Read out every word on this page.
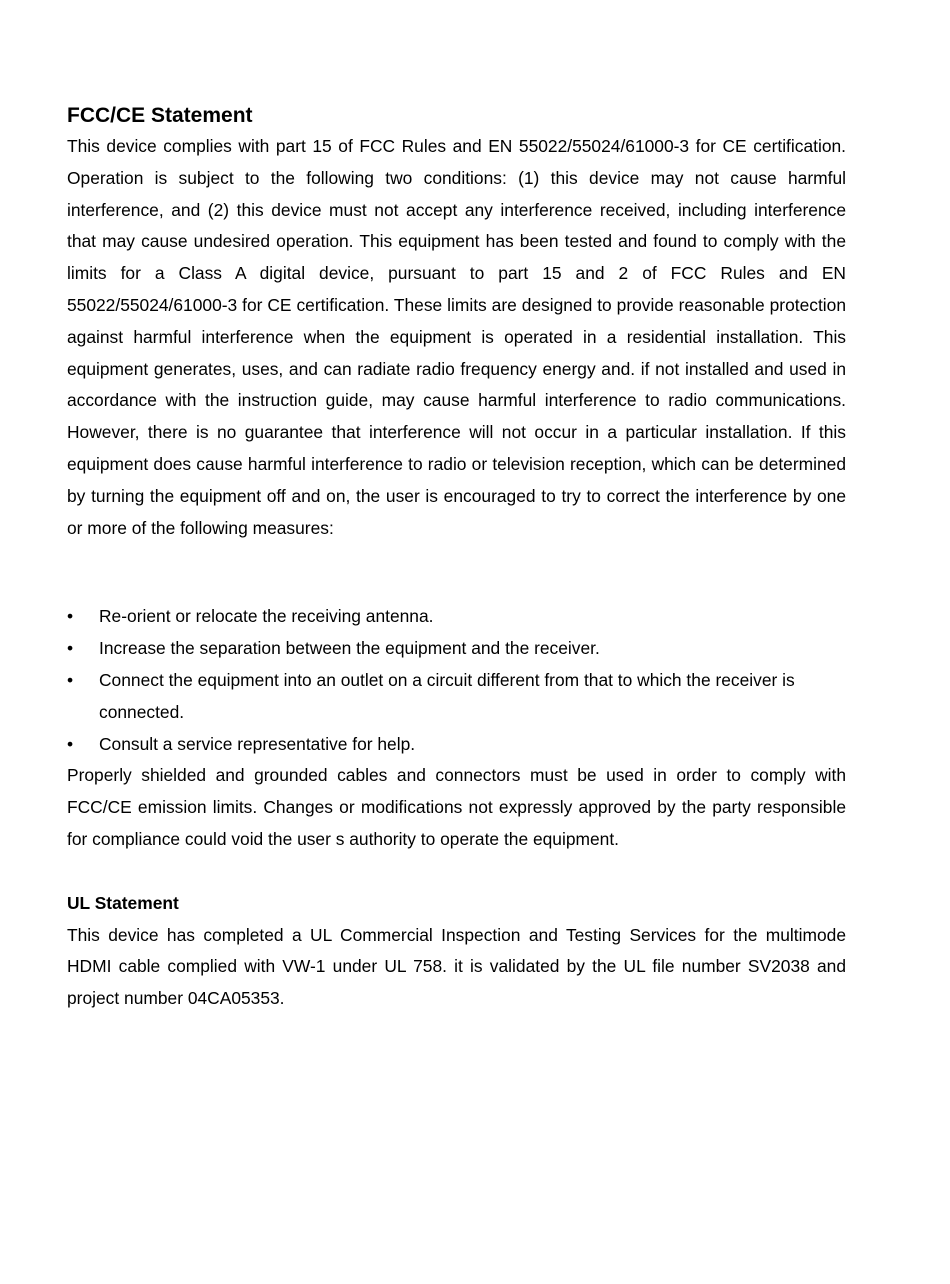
FCC/CE Statement

This device complies with part 15 of FCC Rules and EN 55022/55024/61000-3 for CE certification. Operation is subject to the following two conditions: (1) this device may not cause harmful interference, and (2) this device must not accept any interference received, including interference that may cause undesired operation. This equipment has been tested and found to comply with the limits for a Class A digital device, pursuant to part 15 and 2 of FCC Rules and EN 55022/55024/61000-3 for CE certification. These limits are designed to provide reasonable protection against harmful interference when the equipment is operated in a residential installation. This equipment generates, uses, and can radiate radio frequency energy and. if not installed and used in accordance with the instruction guide, may cause harmful interference to radio communications. However, there is no guarantee that interference will not occur in a particular installation. If this equipment does cause harmful interference to radio or television reception, which can be determined by turning the equipment off and on, the user is encouraged to try to correct the interference by one or more of the following measures:

• Re-orient or relocate the receiving antenna.
• Increase the separation between the equipment and the receiver.
• Connect the equipment into an outlet on a circuit different from that to which the receiver is connected.
• Consult a service representative for help.

Properly shielded and grounded cables and connectors must be used in order to comply with FCC/CE emission limits. Changes or modifications not expressly approved by the party responsible for compliance could void the user s authority to operate the equipment.

UL Statement

This device has completed a UL Commercial Inspection and Testing Services for the multimode HDMI cable complied with VW-1 under UL 758. it is validated by the UL file number SV2038 and project number 04CA05353.
